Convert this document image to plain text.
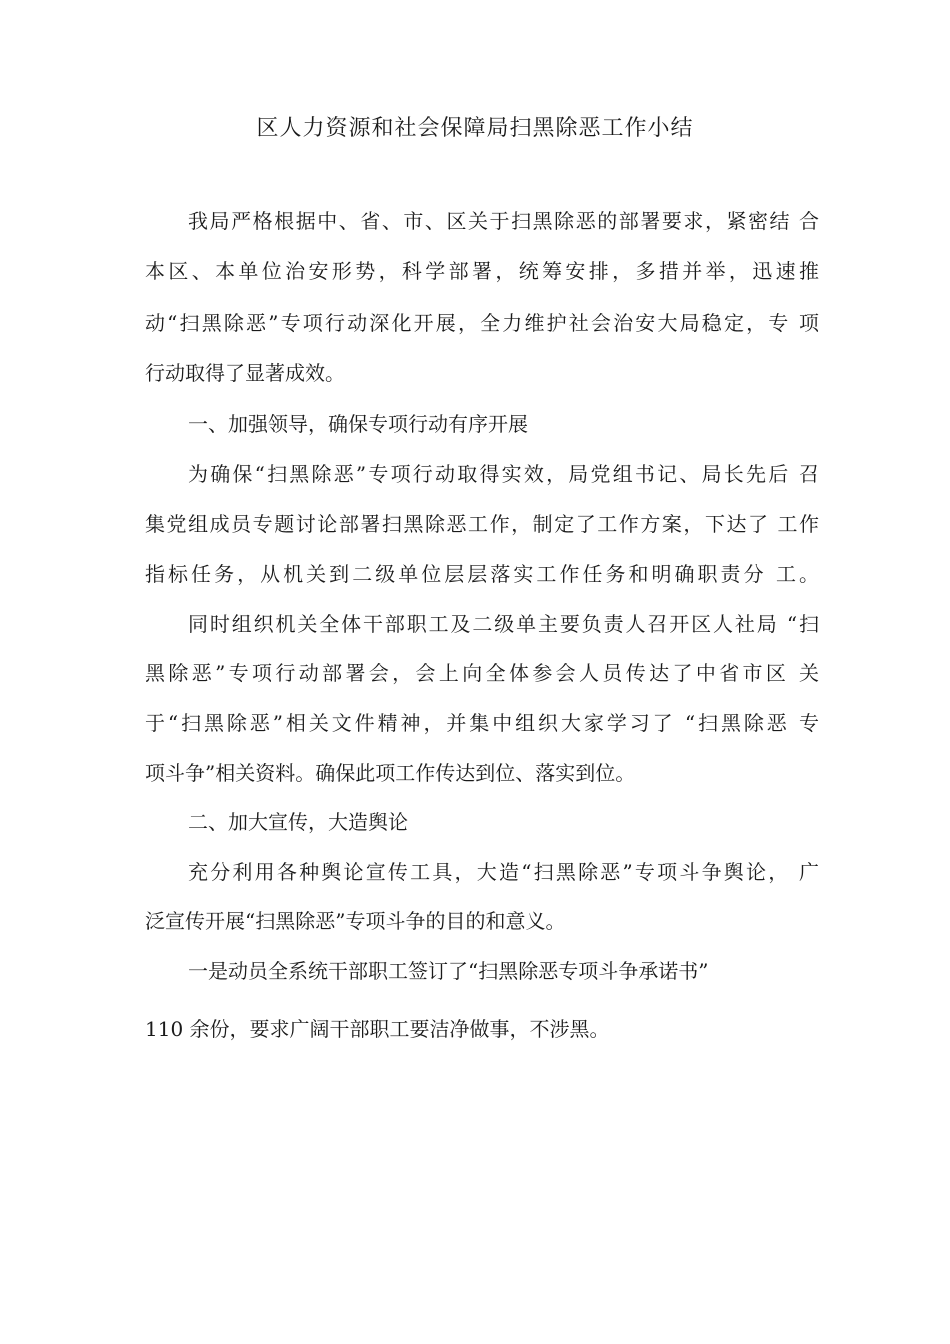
区人力资源和社会保障局扫黑除恶工作小结
我局严格根据中、省、市、区关于扫黑除恶的部署要求，紧密结 合
本区、本单位治安形势，科学部署，统筹安排，多措并举，迅速推
动“扫黑除恶”专项行动深化开展，全力维护社会治安大局稳定，专 项
行动取得了显著成效。
一、加强领导，确保专项行动有序开展
为确保“扫黑除恶”专项行动取得实效，局党组书记、局长先后 召
集党组成员专题讨论部署扫黑除恶工作，制定了工作方案，下达了 工作
指标任务，从机关到二级单位层层落实工作任务和明确职责分 工。
同时组织机关全体干部职工及二级单主要负责人召开区人社局 “扫
黑除恶”专项行动部署会，会上向全体参会人员传达了中省市区 关
于“扫黑除恶”相关文件精神，并集中组织大家学习了 “扫黑除恶 专
项斗争”相关资料。确保此项工作传达到位、落实到位。
二、加大宣传，大造舆论
充分利用各种舆论宣传工具，大造“扫黑除恶”专项斗争舆论， 广
泛宣传开展“扫黑除恶”专项斗争的目的和意义。
一是动员全系统干部职工签订了“扫黑除恶专项斗争承诺书”
110 余份，要求广阔干部职工要洁净做事，不涉黑。
